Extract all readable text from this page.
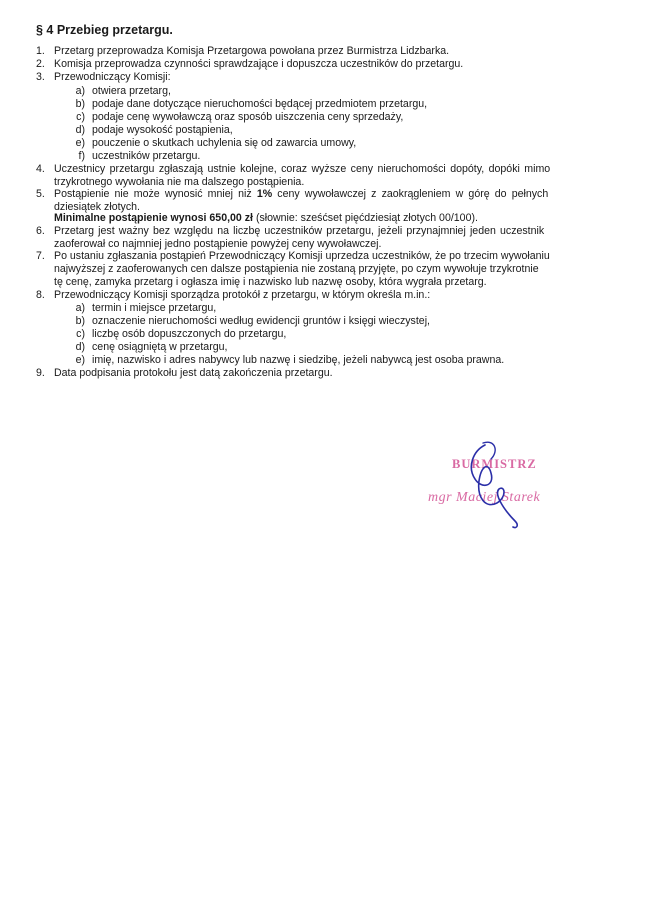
§ 4 Przebieg przetargu.
1. Przetarg przeprowadza Komisja Przetargowa powołana przez Burmistrza Lidzbarka.
2. Komisja przeprowadza czynności sprawdzające i dopuszcza uczestników do przetargu.
3. Przewodniczący Komisji:
a) otwiera przetarg,
b) podaje dane dotyczące nieruchomości będącej przedmiotem przetargu,
c) podaje cenę wywoławczą oraz sposób uiszczenia ceny sprzedaży,
d) podaje wysokość postąpienia,
e) pouczenie o skutkach uchylenia się od zawarcia umowy,
f) uczestników przetargu.
4. Uczestnicy przetargu zgłaszają ustnie kolejne, coraz wyższe ceny nieruchomości dopóty, dopóki mimo
trzykrotnego wywołania nie ma dalszego postąpienia.
5. Postąpienie nie może wynosić mniej niż 1% ceny wywoławczej z zaokrągleniem w górę do pełnych
dziesiątek złotych.
Minimalne postąpienie wynosi 650,00 zł (słownie: sześćset pięćdziesiąt złotych 00/100).
6. Przetarg jest ważny bez względu na liczbę uczestników przetargu, jeżeli przynajmniej jeden uczestnik
zaoferował co najmniej jedno postąpienie powyżej ceny wywoławczej.
7. Po ustaniu zgłaszania postąpień Przewodniczący Komisji uprzedza uczestników, że po trzecim wywołaniu
najwyższej z zaoferowanych cen dalsze postąpienia nie zostaną przyjęte, po czym wywołuje trzykrotnie
tę cenę, zamyka przetarg i ogłasza imię i nazwisko lub nazwę osoby, która wygrała przetarg.
8. Przewodniczący Komisji sporządza protokół z przetargu, w którym określa m.in.:
a) termin i miejsce przetargu,
b) oznaczenie nieruchomości według ewidencji gruntów i księgi wieczystej,
c) liczbę osób dopuszczonych do przetargu,
d) cenę osiągniętą w przetargu,
e) imię, nazwisko i adres nabywcy lub nazwę i siedzibę, jeżeli nabywcą jest osoba prawna.
9. Data podpisania protokołu jest datą zakończenia przetargu.
BURMISTRZ
mgr Maciej Starek
